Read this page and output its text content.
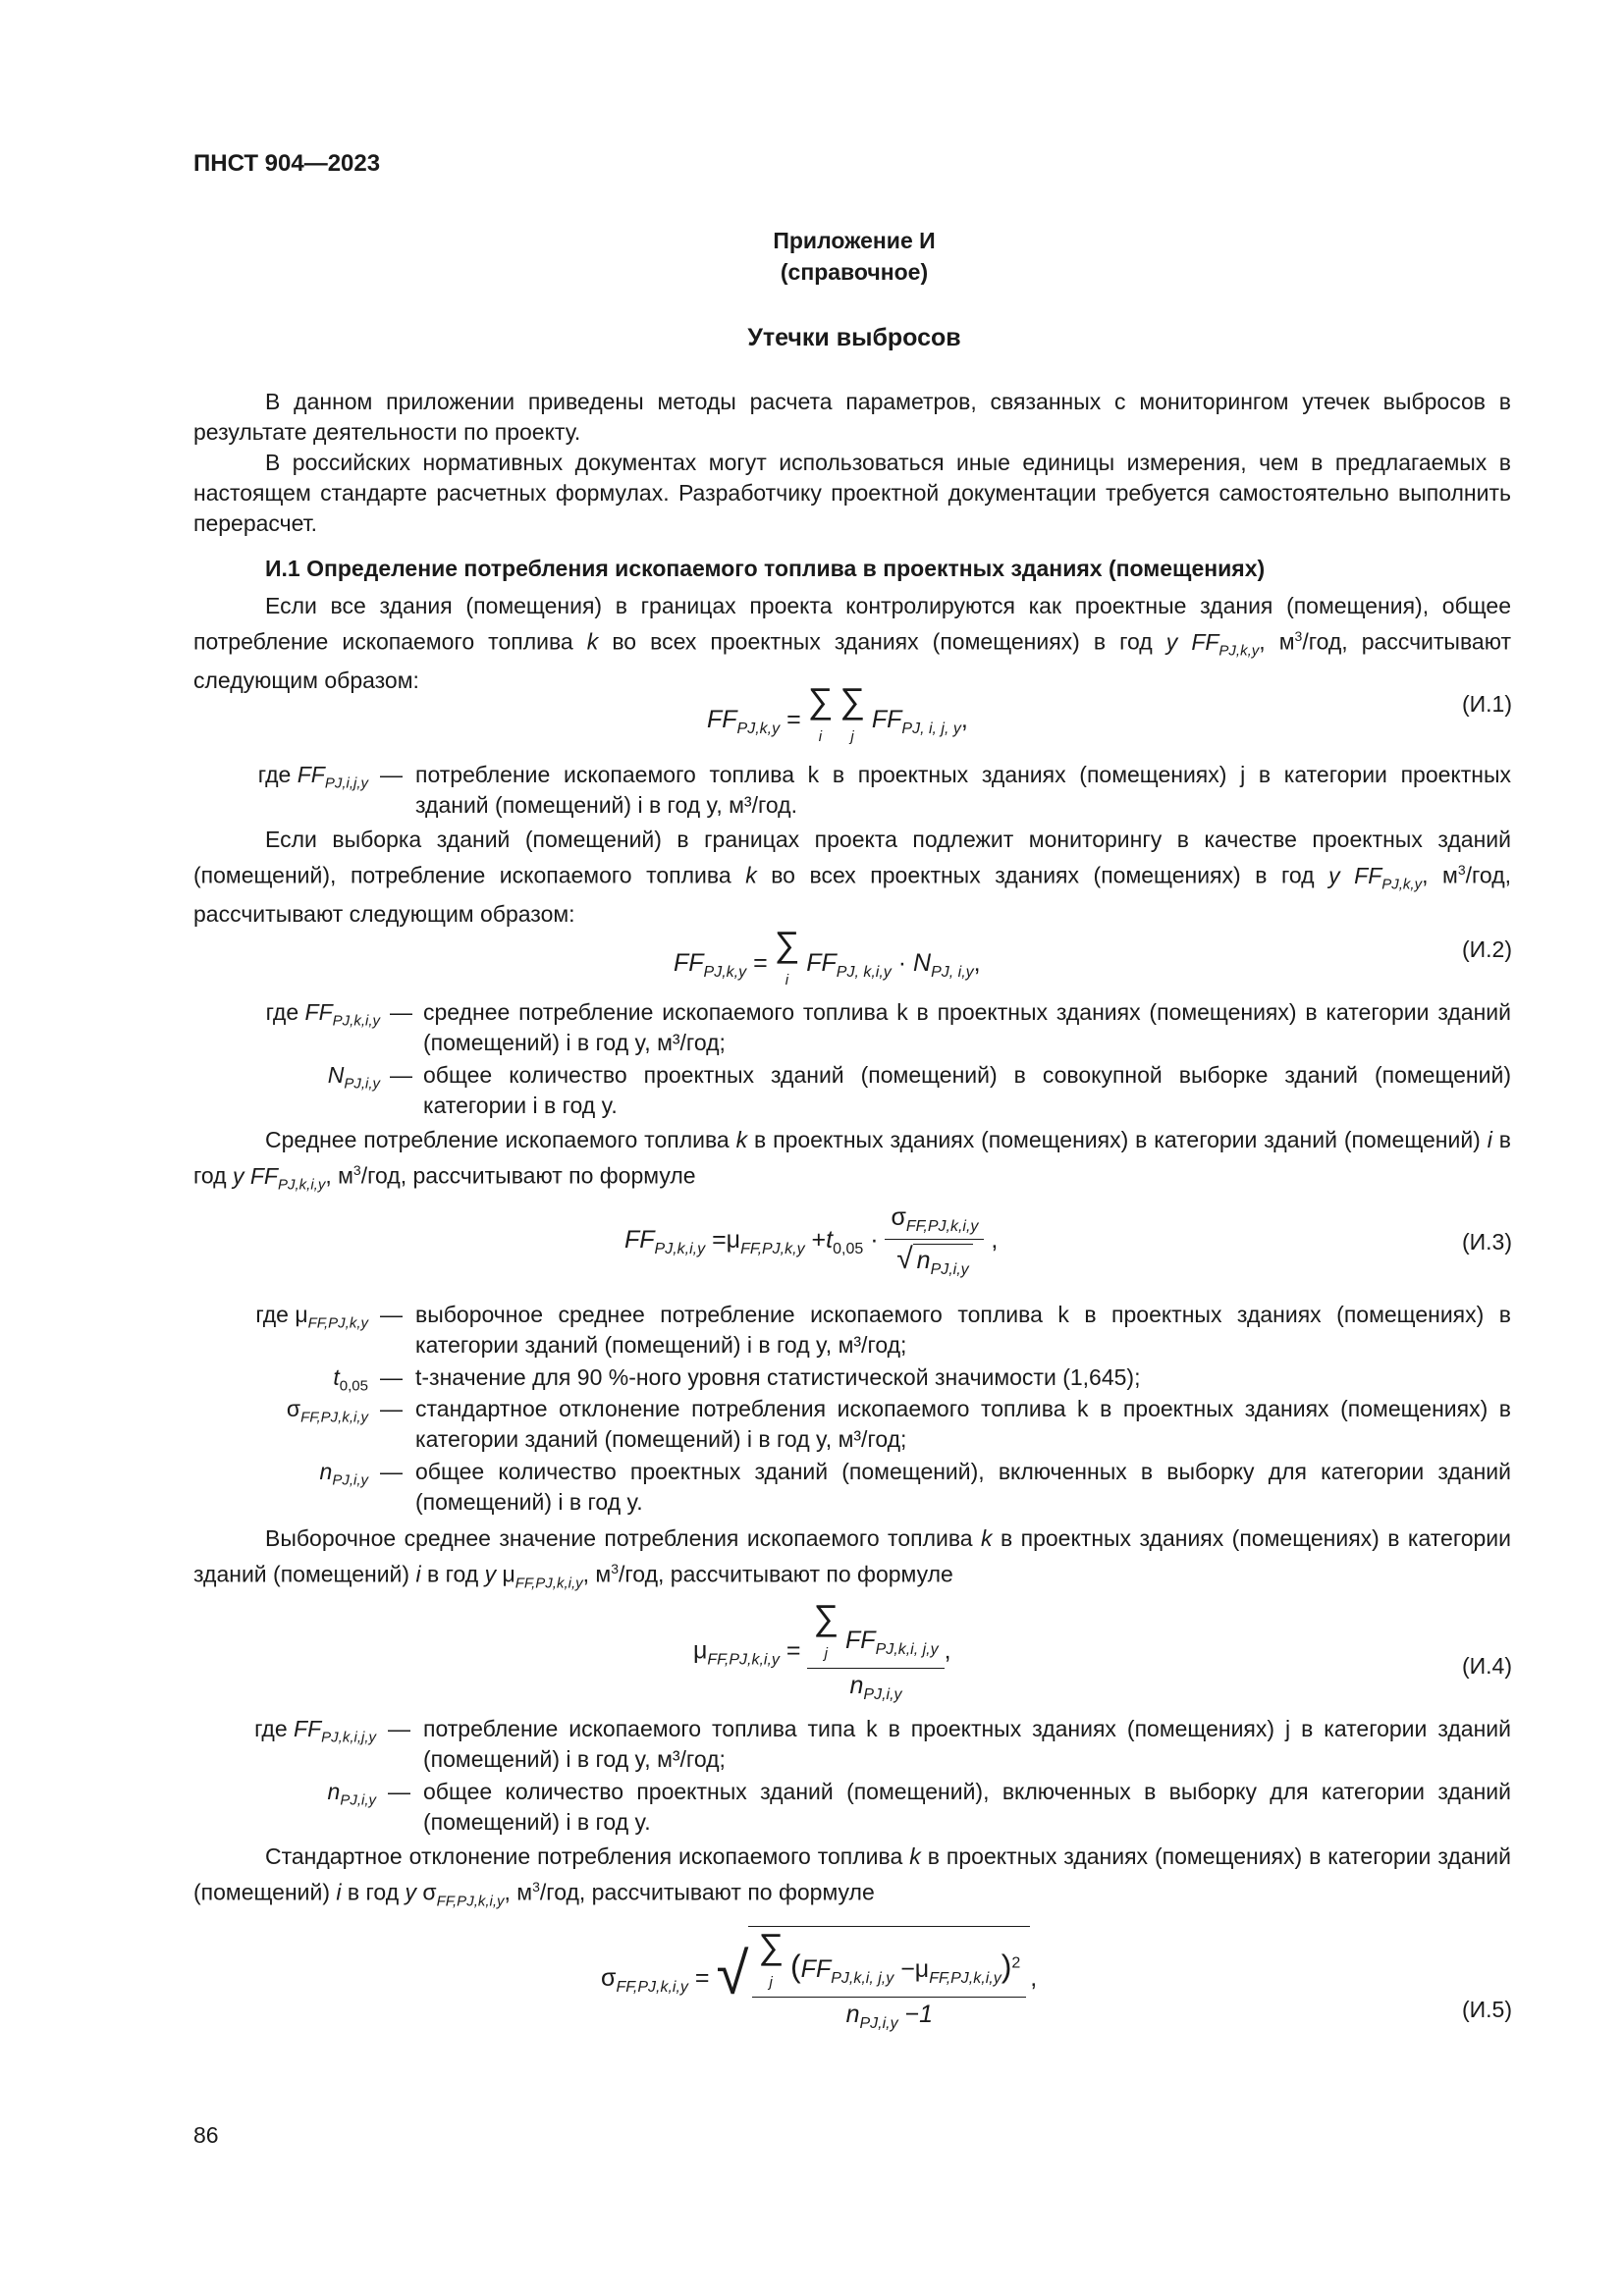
ПНСТ 904—2023
Приложение И
(справочное)
Утечки выбросов
В данном приложении приведены методы расчета параметров, связанных с мониторингом утечек выбросов в результате деятельности по проекту.
В российских нормативных документах могут использоваться иные единицы измерения, чем в предлагаемых в настоящем стандарте расчетных формулах. Разработчику проектной документации требуется самостоятельно выполнить перерасчет.
И.1 Определение потребления ископаемого топлива в проектных зданиях (помещениях)
Если все здания (помещения) в границах проекта контролируются как проектные здания (помещения), общее потребление ископаемого топлива k во всех проектных зданиях (помещениях) в год y $FF_{PJ,k,y}$, $м^3$/год, рассчитывают следующим образом:
$FF_{PJ,k,y}$ = ∑
i ∑
j $FF_{PJ, i, j, y}$,
(И.1)
где $FF_{PJ,i,j,y}$ — потребление ископаемого топлива k в проектных зданиях (помещениях) j в категории проектных зданий (помещений) i в год y, м³/год.
Если выборка зданий (помещений) в границах проекта подлежит мониторингу в качестве проектных зданий (помещений), потребление ископаемого топлива k во всех проектных зданиях (помещениях) в год y $FF_{PJ,k,y}$, $м^3$/год, рассчитывают следующим образом:
$FF_{PJ,k,y}$ = ∑
i $FF_{PJ, k,i,y} \cdot N_{PJ, i,y}$,	(И.2)
где $FF_{PJ,k,i,y}$ — среднее потребление ископаемого топлива k в проектных зданиях (помещениях) в категории зданий (помещений) i в год y, м³/год;
$N_{PJ,i,y}$ — общее количество проектных зданий (помещений) в совокупной выборке зданий (помещений) категории i в год y.
Среднее потребление ископаемого топлива k в проектных зданиях (помещениях) в категории зданий (помещений) i в год y $FF_{PJ,k,i,y}$, $м^3$/год, рассчитывают по формуле
$FF_{PJ,k,i,y} =\mu_{FF,PJ,k,y} +t_{0,05} \cdot \frac{\sigma_{FF,PJ,k,i,y}}{√ n_{PJ,i,y}}$ ,	(И.3)
где $\mu_{FF,PJ,k,y}$ — выборочное среднее потребление ископаемого топлива k в проектных зданиях (помещениях) в категории зданий (помещений) i в год y, м³/год;
$t_{0,05}$ — t-значение для 90 %-ного уровня статистической значимости (1,645);
$\sigma_{FF,PJ,k,i,y}$ — стандартное отклонение потребления ископаемого топлива k в проектных зданиях (помещениях) в категории зданий (помещений) i в год y, м³/год;
$n_{PJ,i,y}$ — общее количество проектных зданий (помещений), включенных в выборку для категории зданий (помещений) i в год y.
Выборочное среднее значение потребления ископаемого топлива k в проектных зданиях (помещениях) в категории зданий (помещений) i в год y $\mu_{FF,PJ,k,i,y}$, $м^3$/год, рассчитывают по формуле
$\mu_{FF,PJ,k,i,y}$ =
∑
j $FF_{PJ,k,i, j,y}$
$n_{PJ,i,y}$
,
(И.4)
где $FF_{PJ,k,i,j,y}$ — потребление ископаемого топлива типа k в проектных зданиях (помещениях) j в категории зданий (помещений) i в год y, м³/год;
$n_{PJ,i,y}$ — общее количество проектных зданий (помещений), включенных в выборку для категории зданий (помещений) i в год y.
Стандартное отклонение потребления ископаемого топлива k в проектных зданиях (помещениях) в категории зданий (помещений) i в год y $\sigma_{FF,PJ,k,i,y}$, $м^3$/год, рассчитывают по формуле
$\sigma_{FF,PJ,k,i,y}$ = √ ∑
j $(FF_{PJ,k,i, j,y} -\mu_{FF,PJ,k,i,y})^2$
$n_{PJ,i,y} -1$
,
(И.5)
86
